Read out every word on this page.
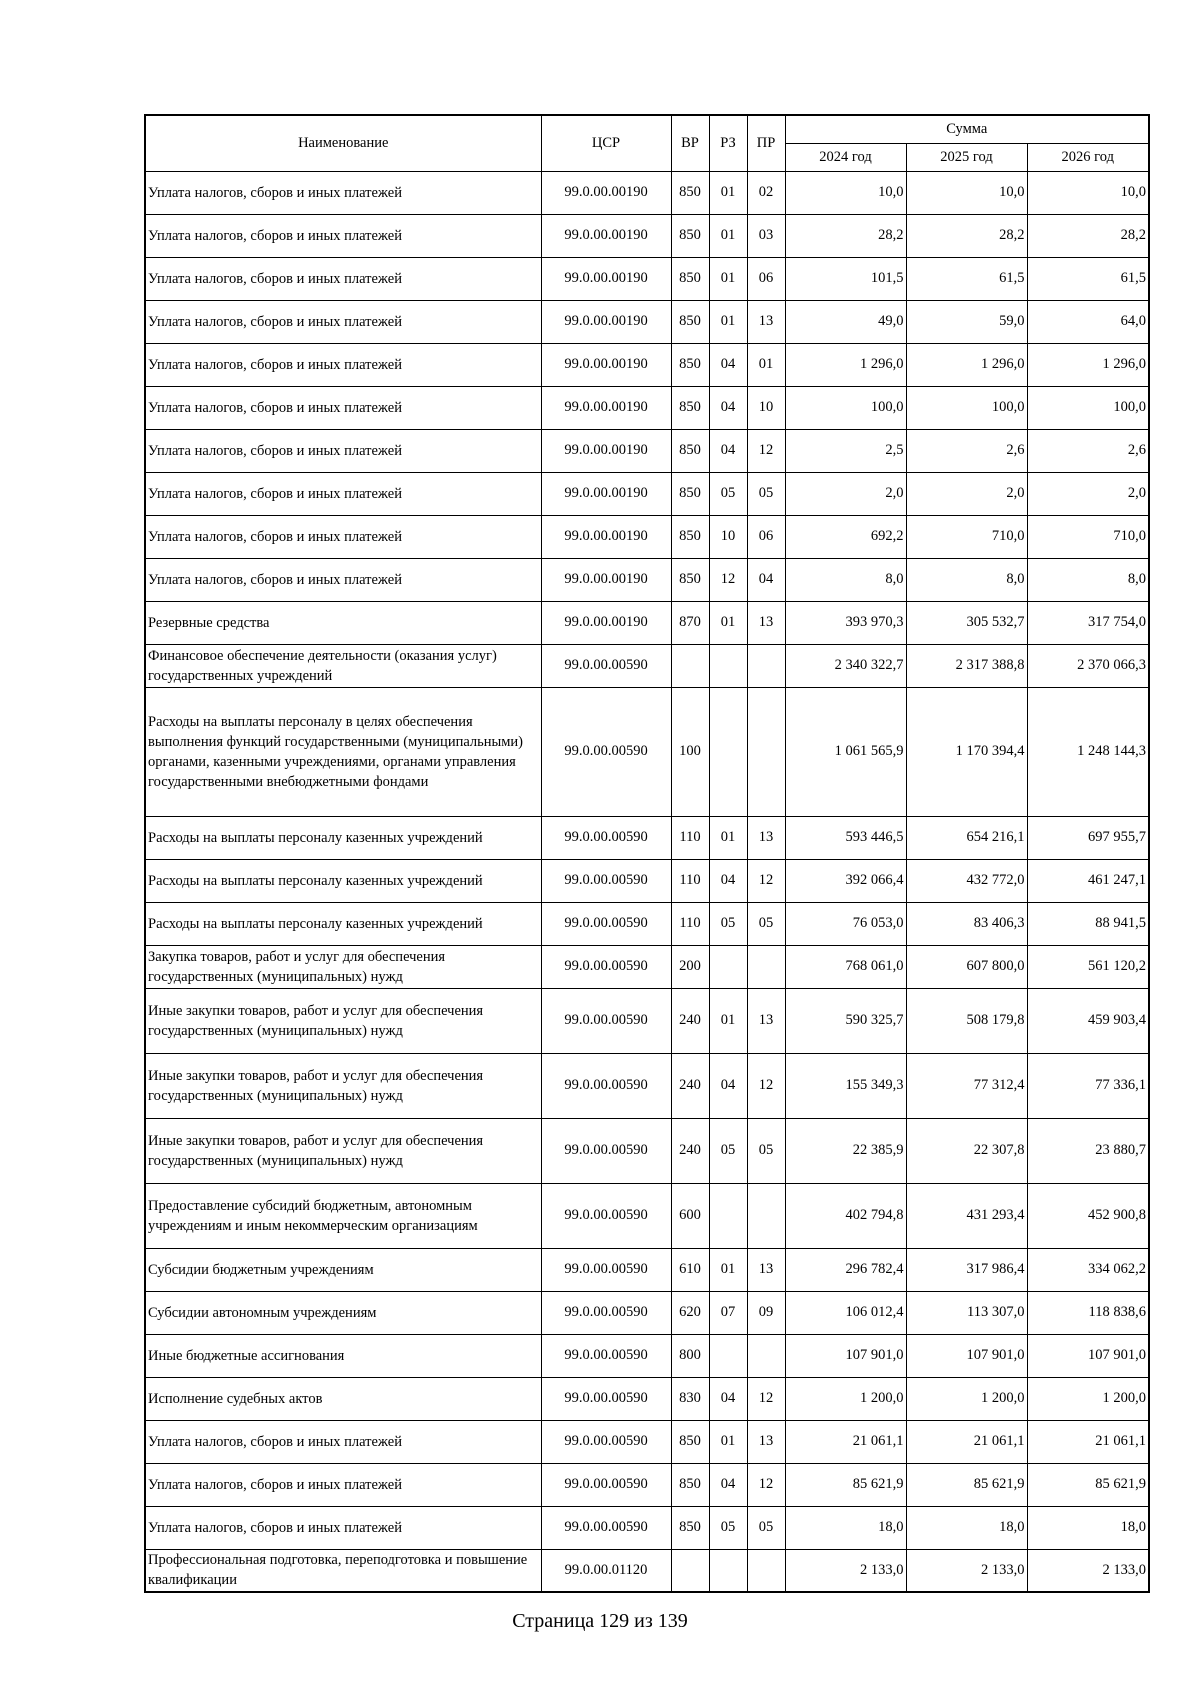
Наименование	ЦСР	ВР	РЗ	ПР	Сумма		
					2024 год	2025 год	2026 год
Уплата налогов, сборов и иных платежей	99.0.00.00190	850	01	02	10,0	10,0	10,0
Уплата налогов, сборов и иных платежей	99.0.00.00190	850	01	03	28,2	28,2	28,2
Уплата налогов, сборов и иных платежей	99.0.00.00190	850	01	06	101,5	61,5	61,5
Уплата налогов, сборов и иных платежей	99.0.00.00190	850	01	13	49,0	59,0	64,0
Уплата налогов, сборов и иных платежей	99.0.00.00190	850	04	01	1 296,0	1 296,0	1 296,0
Уплата налогов, сборов и иных платежей	99.0.00.00190	850	04	10	100,0	100,0	100,0
Уплата налогов, сборов и иных платежей	99.0.00.00190	850	04	12	2,5	2,6	2,6
Уплата налогов, сборов и иных платежей	99.0.00.00190	850	05	05	2,0	2,0	2,0
Уплата налогов, сборов и иных платежей	99.0.00.00190	850	10	06	692,2	710,0	710,0
Уплата налогов, сборов и иных платежей	99.0.00.00190	850	12	04	8,0	8,0	8,0
Резервные средства	99.0.00.00190	870	01	13	393 970,3	305 532,7	317 754,0
Финансовое обеспечение деятельности (оказания услуг) государственных учреждений	99.0.00.00590				2 340 322,7	2 317 388,8	2 370 066,3
Расходы на выплаты персоналу в целях обеспечения выполнения функций государственными (муниципальными) органами, казенными учреждениями, органами управления государственными внебюджетными фондами	99.0.00.00590	100			1 061 565,9	1 170 394,4	1 248 144,3
Расходы на выплаты персоналу казенных учреждений	99.0.00.00590	110	01	13	593 446,5	654 216,1	697 955,7
Расходы на выплаты персоналу казенных учреждений	99.0.00.00590	110	04	12	392 066,4	432 772,0	461 247,1
Расходы на выплаты персоналу казенных учреждений	99.0.00.00590	110	05	05	76 053,0	83 406,3	88 941,5
Закупка товаров, работ и услуг для обеспечения государственных (муниципальных) нужд	99.0.00.00590	200			768 061,0	607 800,0	561 120,2
Иные закупки товаров, работ и услуг для обеспечения государственных (муниципальных) нужд	99.0.00.00590	240	01	13	590 325,7	508 179,8	459 903,4
Иные закупки товаров, работ и услуг для обеспечения государственных (муниципальных) нужд	99.0.00.00590	240	04	12	155 349,3	77 312,4	77 336,1
Иные закупки товаров, работ и услуг для обеспечения государственных (муниципальных) нужд	99.0.00.00590	240	05	05	22 385,9	22 307,8	23 880,7
Предоставление субсидий бюджетным, автономным учреждениям и иным некоммерческим организациям	99.0.00.00590	600			402 794,8	431 293,4	452 900,8
Субсидии бюджетным учреждениям	99.0.00.00590	610	01	13	296 782,4	317 986,4	334 062,2
Субсидии автономным учреждениям	99.0.00.00590	620	07	09	106 012,4	113 307,0	118 838,6
Иные бюджетные ассигнования	99.0.00.00590	800			107 901,0	107 901,0	107 901,0
Исполнение судебных актов	99.0.00.00590	830	04	12	1 200,0	1 200,0	1 200,0
Уплата налогов, сборов и иных платежей	99.0.00.00590	850	01	13	21 061,1	21 061,1	21 061,1
Уплата налогов, сборов и иных платежей	99.0.00.00590	850	04	12	85 621,9	85 621,9	85 621,9
Уплата налогов, сборов и иных платежей	99.0.00.00590	850	05	05	18,0	18,0	18,0
Профессиональная подготовка, переподготовка и повышение квалификации	99.0.00.01120				2 133,0	2 133,0	2 133,0
Страница 129 из 139
